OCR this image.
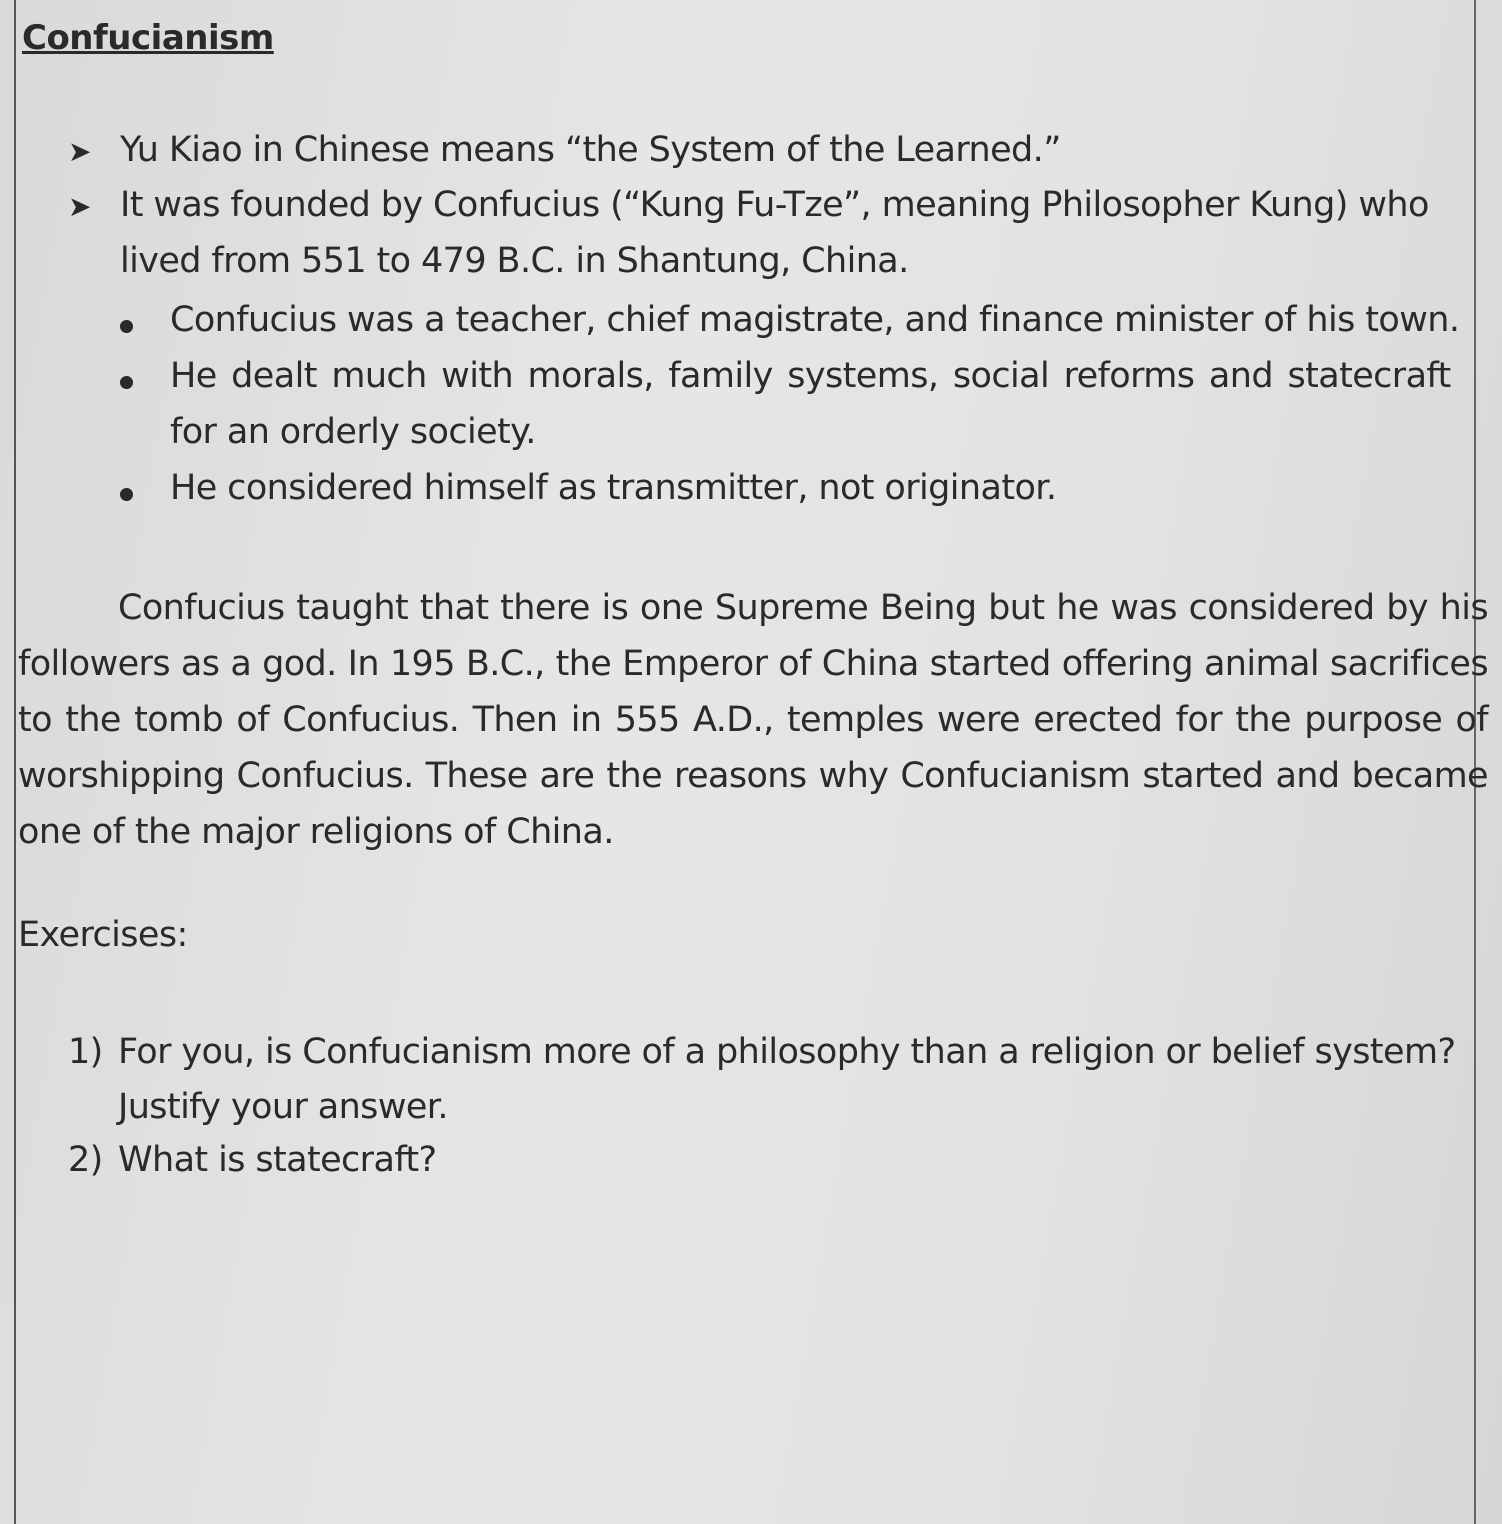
Confucianism
➤ Yu Kiao in Chinese means “the System of the Learned.”
➤ It was founded by Confucius (“Kung Fu-Tze”, meaning Philosopher Kung) who
lived from 551 to 479 B.C. in Shantung, China.
Confucius was a teacher, chief magistrate, and finance minister of his town.
He dealt much with morals, family systems, social reforms and statecraft
for an orderly society.
He considered himself as transmitter, not originator.
Confucius taught that there is one Supreme Being but he was considered by his followers as a god. In 195 B.C., the Emperor of China started offering animal sacrifices to the tomb of Confucius. Then in 555 A.D., temples were erected for the purpose of worshipping Confucius. These are the reasons why Confucianism started and became one of the major religions of China.
Exercises:
1) For you, is Confucianism more of a philosophy than a religion or belief system?
Justify your answer.
2) What is statecraft?
